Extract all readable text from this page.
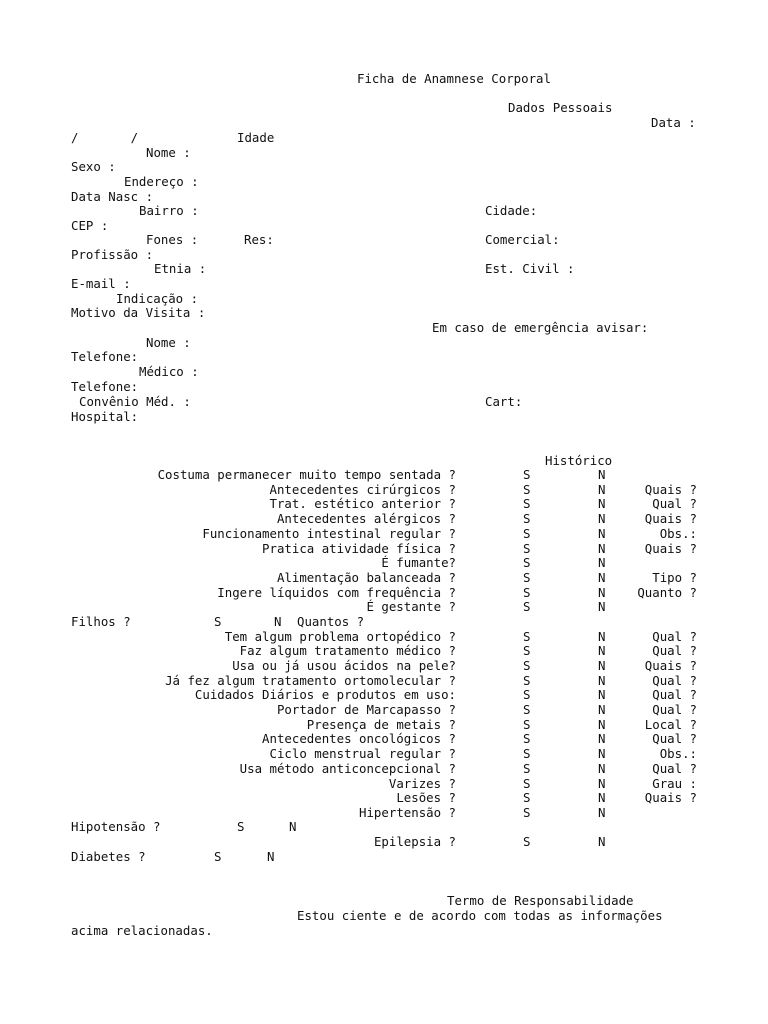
Ficha de Anamnese Corporal
Dados Pessoais
Data :
/       /	Idade
Nome :
Sexo :
Endereço :
Data Nasc :
Bairro :	Cidade:
CEP :
Fones :	Res:	Comercial:
Profissão :
Etnia :	Est. Civil :
E-mail :
Indicação :
Motivo da Visita :
Em caso de emergência avisar:
Nome :
Telefone:
Médico :
Telefone:
Convênio Méd. :	Cart:
Hospital:
Histórico
Costuma permanecer muito tempo sentada ?	S	N
Antecedentes cirúrgicos ?	S	N	Quais ?
Trat. estético anterior ?	S	N	Qual ?
Antecedentes alérgicos ?	S	N	Quais ?
Funcionamento intestinal regular ?	S	N	Obs.:
Pratica atividade física ?	S	N	Quais ?
É fumante?	S	N
Alimentação balanceada ?	S	N	Tipo ?
Ingere líquidos com frequência ?	S	N	Quanto ?
É gestante ?	S	N
Filhos ?	S	N Quantos ?
Tem algum problema ortopédico ?	S	N	Qual ?
Faz algum tratamento médico ?	S	N	Qual ?
Usa ou já usou ácidos na pele?	S	N	Quais ?
Já fez algum tratamento ortomolecular ?	S	N	Qual ?
Cuidados Diários e produtos em uso:	S	N	Qual ?
Portador de Marcapasso ?	S	N	Qual ?
Presença de metais ?	S	N	Local ?
Antecedentes oncológicos ?	S	N	Qual ?
Ciclo menstrual regular ?	S	N	Obs.:
Usa método anticoncepcional ?	S	N	Qual ?
Varizes ?	S	N	Grau :
Lesões ?	S	N	Quais ?
Hipertensão ?	S	N
Hipotensão ?	S	N
Epilepsia ?	S	N
Diabetes ?	S	N
Termo de Responsabilidade
Estou ciente e de acordo com todas as informações
acima relacionadas.
